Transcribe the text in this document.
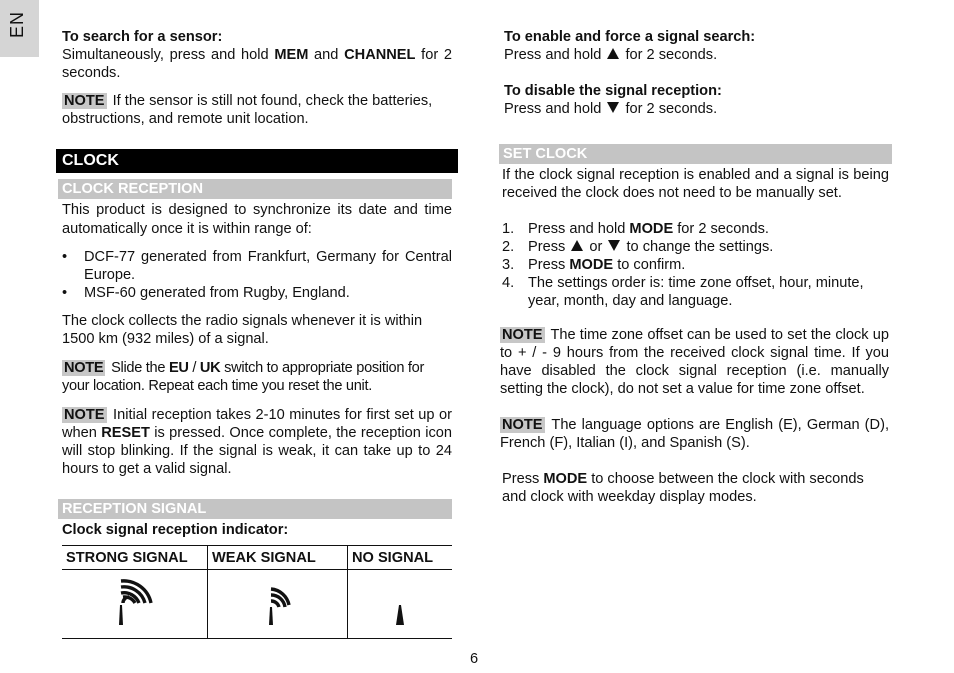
EN To search for a sensor:

Simultaneously, press and hold MEM and CHANNEL for 2 seconds.

NOTE If the sensor is still not found, check the batteries, obstructions, and remote unit location.

CLOCK
CLOCK RECEPTION

This product is designed to synchronize its date and time automatically once it is within range of:

• DCF-77 generated from Frankfurt, Germany for Central Europe.
• MSF-60 generated from Rugby, England.

The clock collects the radio signals whenever it is within 1500 km (932 miles) of a signal.

NOTE Slide the EU / UK switch to appropriate position for your location. Repeat each time you reset the unit.

NOTE Initial reception takes 2-10 minutes for first set up or when RESET is pressed. Once complete, the reception icon will stop blinking. If the signal is weak, it can take up to 24 hours to get a valid signal.

RECEPTION SIGNAL

Clock signal reception indicator:

STRONG SIGNAL	WEAK SIGNAL	NO SIGNAL

To enable and force a signal search:

Press and hold  for 2 seconds.

To disable the signal reception:

Press and hold  for 2 seconds.

SET CLOCK

If the clock signal reception is enabled and a signal is being received the clock does not need to be manually set.

1. Press and hold MODE for 2 seconds.
2. Press  or  to change the settings.
3. Press MODE to confirm.
4. The settings order is: time zone offset, hour, minute, year, month, day and language.

NOTE The time zone offset can be used to set the clock up to + / - 9 hours from the received clock signal time. If you have disabled the clock signal reception (i.e. manually setting the clock), do not set a value for time zone offset.

NOTE The language options are English (E), German (D), French (F), Italian (I), and Spanish (S).

Press MODE to choose between the clock with seconds and clock with weekday display modes.

6
